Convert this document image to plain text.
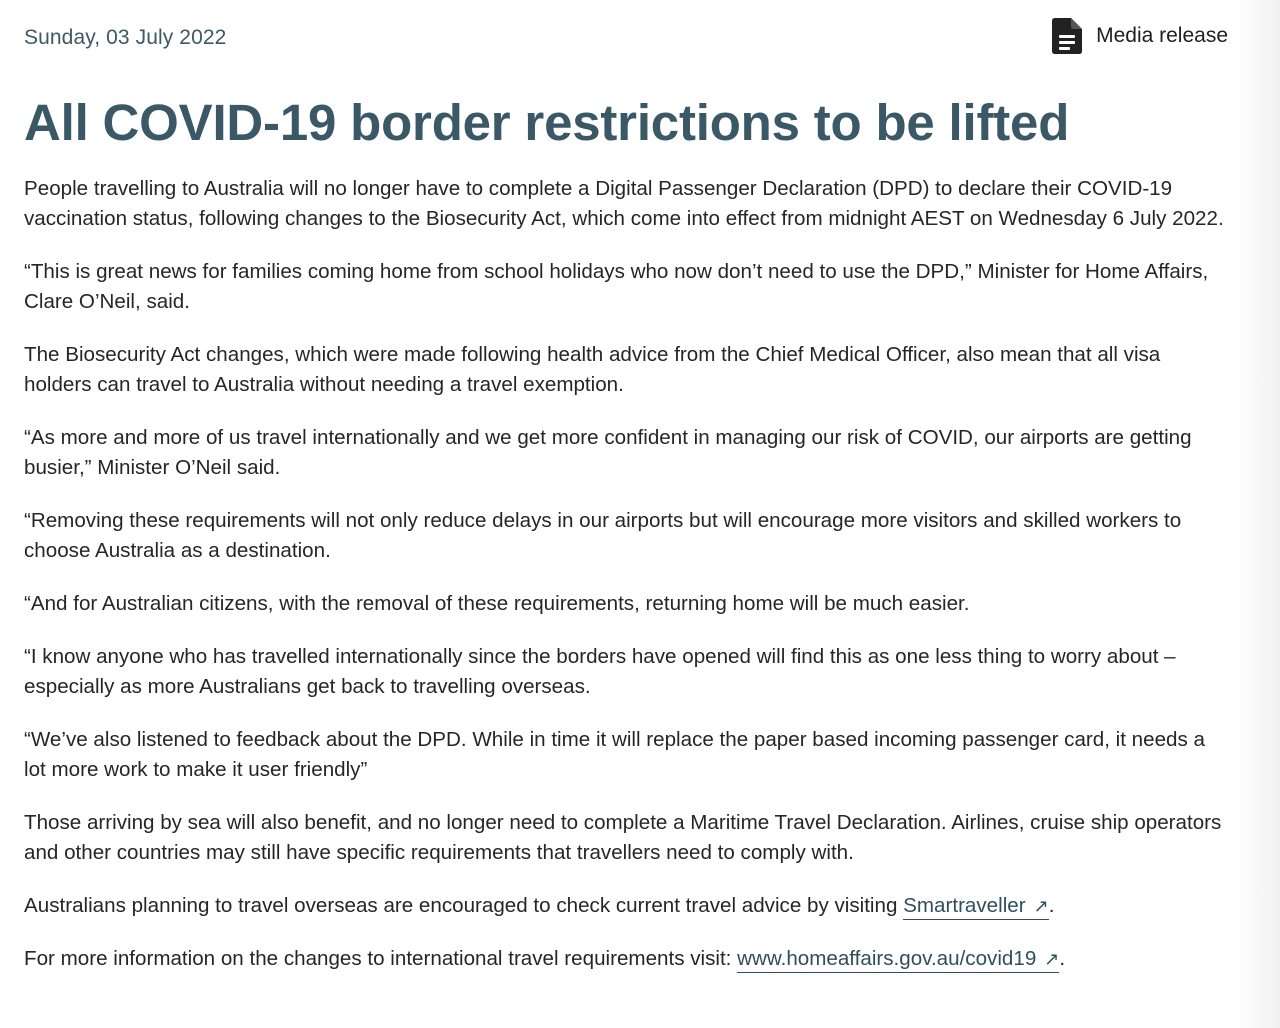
Sunday, 03 July 2022	Media release
All COVID-19 border restrictions to be lifted

People travelling to Australia will no longer have to complete a Digital Passenger Declaration (DPD) to declare their COVID-19 vaccination status, following changes to the Biosecurity Act, which come into effect from midnight AEST on Wednesday 6 July 2022.

“This is great news for families coming home from school holidays who now don’t need to use the DPD,” Minister for Home Affairs, Clare O’Neil, said.

The Biosecurity Act changes, which were made following health advice from the Chief Medical Officer, also mean that all visa holders can travel to Australia without needing a travel exemption.

“As more and more of us travel internationally and we get more confident in managing our risk of COVID, our airports are getting busier,” Minister O’Neil said.

“Removing these requirements will not only reduce delays in our airports but will encourage more visitors and skilled workers to choose Australia as a destination.

“And for Australian citizens, with the removal of these requirements, returning home will be much easier.

“I know anyone who has travelled internationally since the borders have opened will find this as one less thing to worry about – especially as more Australians get back to travelling overseas.

“We’ve also listened to feedback about the DPD. While in time it will replace the paper based incoming passenger card, it needs a lot more work to make it user friendly”

Those arriving by sea will also benefit, and no longer need to complete a Maritime Travel Declaration. Airlines, cruise ship operators and other countries may still have specific requirements that travellers need to comply with.

Australians planning to travel overseas are encouraged to check current travel advice by visiting Smartraveller ↗.

For more information on the changes to international travel requirements visit: www.homeaffairs.gov.au/covid19 ↗.
